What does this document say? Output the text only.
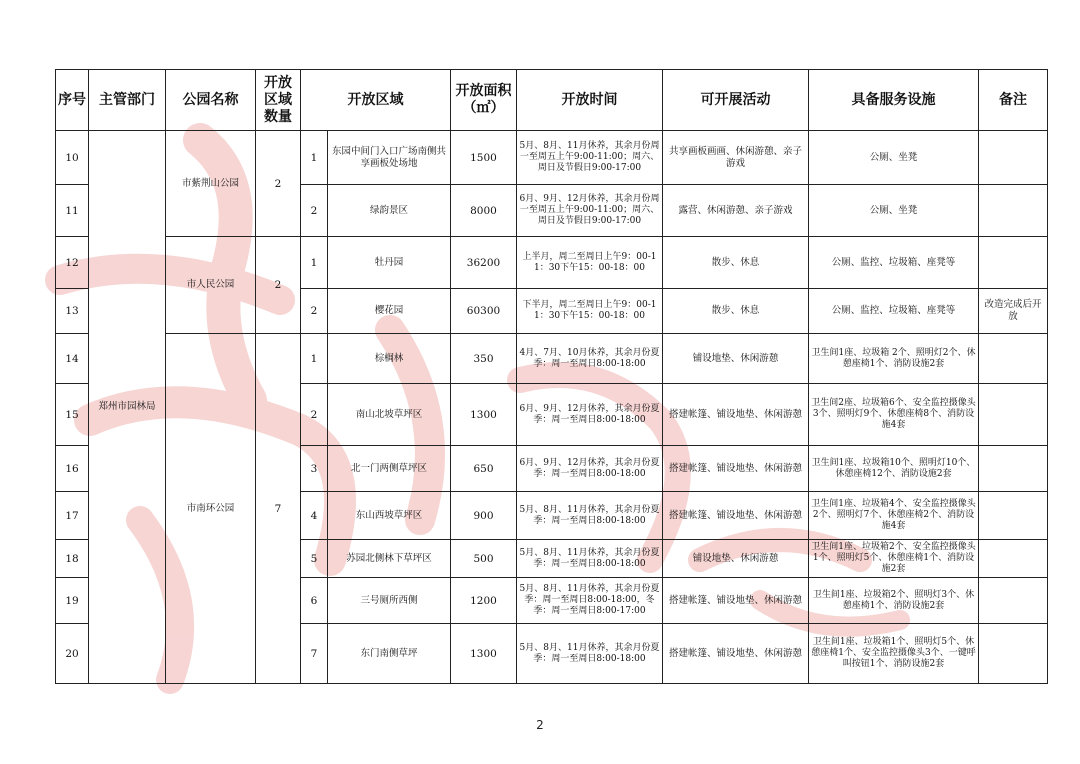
序号	主管部门	公园名称	开放区域数量	开放区域		开放面积（㎡）	开放时间	可开展活动	具备服务设施	备注
10	郑州市园林局	市紫荆山公园	2	1	东园中间门入口广场南侧共享画板处场地	1500	5月、8月、11月休养，其余月份周一至周五上午9:00-11:00；周六、周日及节假日9:00-17:00	共享画板画画、休闲游憩、亲子游戏	公厕、坐凳	
11				2	绿韵景区	8000	6月、9月、12月休养，其余月份周一至周五上午9:00-11:00；周六、周日及节假日9:00-17:00	露营、休闲游憩、亲子游戏	公厕、坐凳	
12		市人民公园	2	1	牡丹园	36200	上半月，周二至周日上午9：00-11：30下午15：00-18：00	散步、休息	公厕、监控、垃圾箱、座凳等	
13				2	樱花园	60300	下半月，周二至周日上午9：00-11：30下午15：00-18：00	散步、休息	公厕、监控、垃圾箱、座凳等	改造完成后开放
14		市南环公园	7	1	棕榈林	350	4月、7月、10月休养，其余月份夏季：周一至周日8:00-18:00	铺设地垫、休闲游憩	卫生间1座、垃圾箱 2个、照明灯2个、休憩座椅1个、消防设施2套	
15				2	南山北坡草坪区	1300	6月、9月、12月休养，其余月份夏季：周一至周日8:00-18:00	搭建帐篷、铺设地垫、休闲游憩	卫生间2座、垃圾箱6个、安全监控摄像头3个、照明灯9个、休憩座椅8个、消防设施4套	
16				3	北一门两侧草坪区	650	6月、9月、12月休养，其余月份夏季：周一至周日8:00-18:00	搭建帐篷、铺设地垫、休闲游憩	卫生间1座、垃圾箱10个、照明灯10个、休憩座椅12个、消防设施2套	
17				4	东山西坡草坪区	900	5月、8月、11月休养，其余月份夏季：周一至周日8:00-18:00	搭建帐篷、铺设地垫、休闲游憩	卫生间1座、垃圾箱4个、安全监控摄像头2个、照明灯7个、休憩座椅2个、消防设施4套	
18				5	苏园北侧林下草坪区	500	5月、8月、11月休养，其余月份夏季：周一至周日8:00-18:00	铺设地垫、休闲游憩	卫生间1座、垃圾箱2个、安全监控摄像头1个、照明灯5个、休憩座椅1个、消防设施2套	
19				6	三号厕所西侧	1200	5月、8月、11月休养，其余月份夏季：周一至周日8:00-18:00，冬季：周一至周日8:00-17:00	搭建帐篷、铺设地垫、休闲游憩	卫生间1座、垃圾箱2个、照明灯3个、休憩座椅1个、消防设施2套	
20				7	东门南侧草坪	1300	5月、8月、11月休养，其余月份夏季：周一至周日8:00-18:00	搭建帐篷、铺设地垫、休闲游憩	卫生间1座、垃圾箱1个、照明灯5个、休憩座椅1个、安全监控摄像头3个、一键呼叫按钮1个、消防设施2套	
2
